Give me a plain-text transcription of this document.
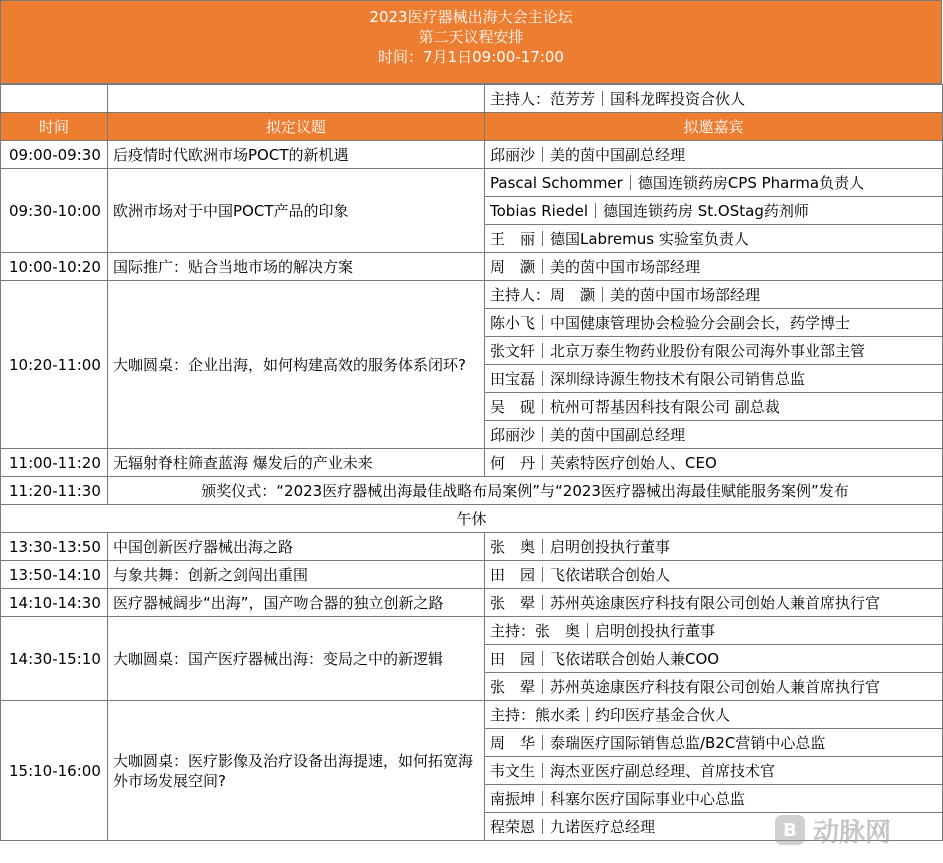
2023医疗器械出海大会主论坛
第二天议程安排
时间：7月1日09:00-17:00
		主持人：范芳芳｜国科龙晖投资合伙人
时间	拟定议题	拟邀嘉宾
09:00-09:30	后疫情时代欧洲市场POCT的新机遇	邱丽沙｜美的茵中国副总经理
09:30-10:00	欧洲市场对于中国POCT产品的印象	Pascal Schommer｜德国连锁药房CPS Pharma负责人
		Tobias Riedel｜德国连锁药房 St.OStag药剂师
		王　丽｜德国Labremus 实验室负责人
10:00-10:20	国际推广：贴合当地市场的解决方案	周　灏｜美的茵中国市场部经理
10:20-11:00	大咖圆桌：企业出海，如何构建高效的服务体系闭环?	主持人：周　灏｜美的茵中国市场部经理
		陈小飞｜中国健康管理协会检验分会副会长，药学博士
		张文轩｜北京万泰生物药业股份有限公司海外事业部主管
		田宝磊｜深圳绿诗源生物技术有限公司销售总监
		吴　砚｜杭州可帮基因科技有限公司 副总裁
		邱丽沙｜美的茵中国副总经理
11:00-11:20	无辐射脊柱筛查蓝海 爆发后的产业未来	何　丹｜芙索特医疗创始人、CEO
11:20-11:30	颁奖仪式：“2023医疗器械出海最佳战略布局案例”与“2023医疗器械出海最佳赋能服务案例”发布	
午休		
13:30-13:50	中国创新医疗器械出海之路	张　奥｜启明创投执行董事
13:50-14:10	与象共舞：创新之剑闯出重围	田　园｜飞依诺联合创始人
14:10-14:30	医疗器械阔步“出海”，国产吻合器的独立创新之路	张　翚｜苏州英途康医疗科技有限公司创始人兼首席执行官
14:30-15:10	大咖圆桌：国产医疗器械出海：变局之中的新逻辑	主持：张　奥｜启明创投执行董事
		田　园｜飞依诺联合创始人兼COO
		张　翚｜苏州英途康医疗科技有限公司创始人兼首席执行官
15:10-16:00	大咖圆桌：医疗影像及治疗设备出海提速，如何拓宽海外市场发展空间?	主持：熊水柔｜约印医疗基金合伙人
		周　华｜泰瑞医疗国际销售总监/B2C营销中心总监
		韦文生｜海杰亚医疗副总经理、首席技术官
		南振坤｜科塞尔医疗国际事业中心总监
		程荣恩｜九诺医疗总经理	B 动脉网
